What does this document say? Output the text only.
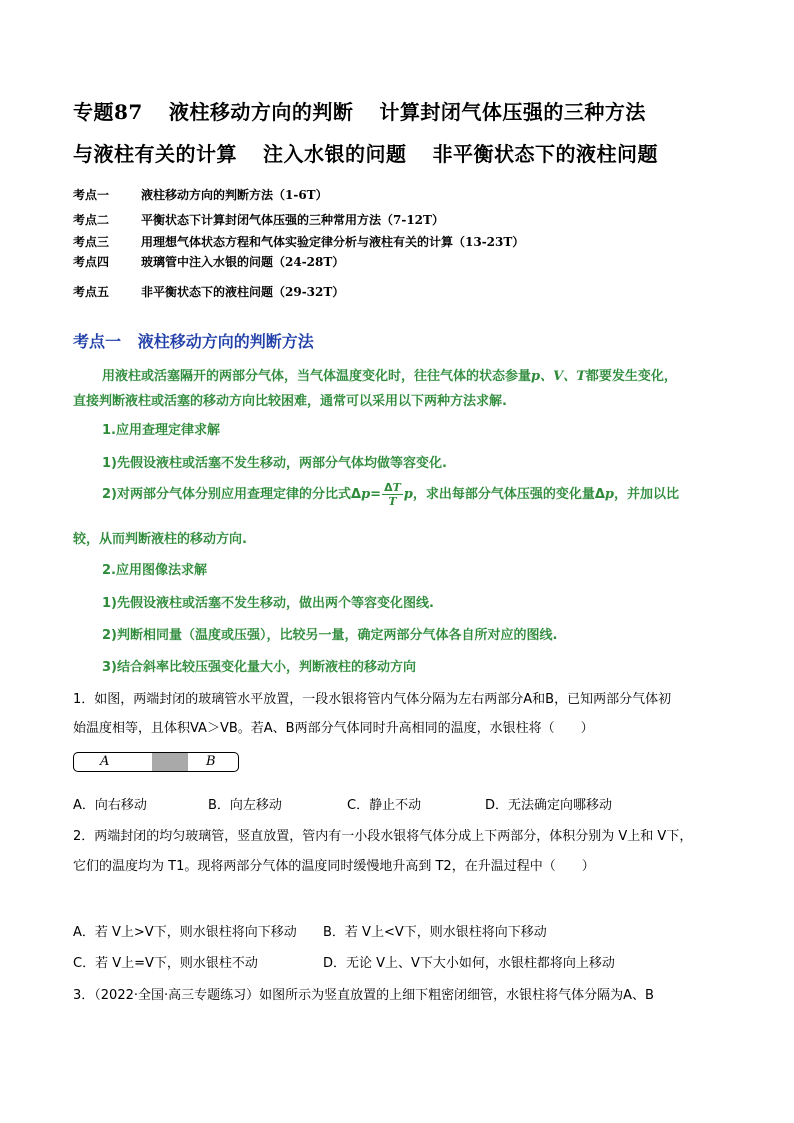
专题87 液柱移动方向的判断 计算封闭气体压强的三种方法
与液柱有关的计算 注入水银的问题 非平衡状态下的液柱问题
考点一	液柱移动方向的判断方法（1-6T）
考点二	平衡状态下计算封闭气体压强的三种常用方法（7-12T）
考点三	用理想气体状态方程和气体实验定律分析与液柱有关的计算（13-23T）
考点四	玻璃管中注入水银的问题（24-28T）
考点五	非平衡状态下的液柱问题（29-32T）
考点一 液柱移动方向的判断方法
用液柱或活塞隔开的两部分气体，当气体温度变化时，往往气体的状态参量p、V、T都要发生变化，
直接判断液柱或活塞的移动方向比较困难，通常可以采用以下两种方法求解.
1.应用查理定律求解
1)先假设液柱或活塞不发生移动，两部分气体均做等容变化.
2)对两部分气体分别应用查理定律的分比式$\Delta p= \frac{\Delta T}{T}$ p，求出每部分气体压强的变化量Δp，并加以比
较，从而判断液柱的移动方向.
2.应用图像法求解
1)先假设液柱或活塞不发生移动，做出两个等容变化图线.
2)判断相同量（温度或压强），比较另一量，确定两部分气体各自所对应的图线.
3)结合斜率比较压强变化量大小，判断液柱的移动方向
1．如图，两端封闭的玻璃管水平放置，一段水银将管内气体分隔为左右两部分A和B，已知两部分气体初
始温度相等，且体积VA＞VB。若A、B两部分气体同时升高相同的温度，水银柱将（　　）
A	B
A．向右移动	B．向左移动	C．静止不动	D．无法确定向哪移动
2．两端封闭的均匀玻璃管，竖直放置，管内有一小段水银将气体分成上下两部分，体积分别为 V上和 V下，
它们的温度均为 T1。现将两部分气体的温度同时缓慢地升高到 T2，在升温过程中（　　）
A．若 V上>V下，则水银柱将向下移动 B．若 V上<V下，则水银柱将向下移动
C．若 V上=V下，则水银柱不动	D．无论 V上、V下大小如何，水银柱都将向上移动
3．（2022·全国·高三专题练习）如图所示为竖直放置的上细下粗密闭细管，水银柱将气体分隔为A、B
